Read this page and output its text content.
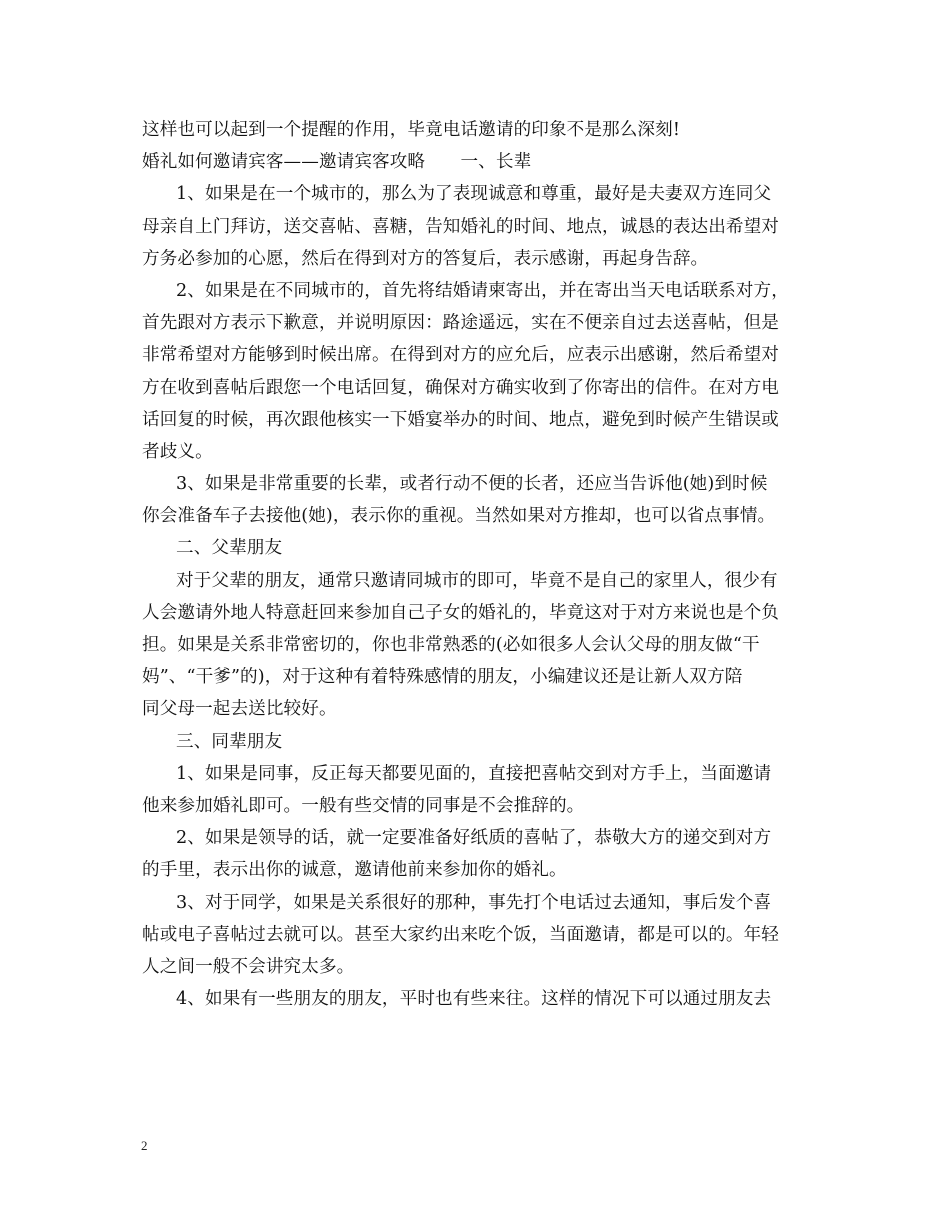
这样也可以起到一个提醒的作用，毕竟电话邀请的印象不是那么深刻!
婚礼如何邀请宾客——邀请宾客攻略　　一、长辈
1、如果是在一个城市的，那么为了表现诚意和尊重，最好是夫妻双方连同父
母亲自上门拜访，送交喜帖、喜糖，告知婚礼的时间、地点，诚恳的表达出希望对
方务必参加的心愿，然后在得到对方的答复后，表示感谢，再起身告辞。
2、如果是在不同城市的，首先将结婚请柬寄出，并在寄出当天电话联系对方，
首先跟对方表示下歉意，并说明原因：路途遥远，实在不便亲自过去送喜帖，但是
非常希望对方能够到时候出席。在得到对方的应允后，应表示出感谢，然后希望对
方在收到喜帖后跟您一个电话回复，确保对方确实收到了你寄出的信件。在对方电
话回复的时候，再次跟他核实一下婚宴举办的时间、地点，避免到时候产生错误或
者歧义。
3、如果是非常重要的长辈，或者行动不便的长者，还应当告诉他(她)到时候
你会准备车子去接他(她)，表示你的重视。当然如果对方推却，也可以省点事情。
二、父辈朋友
对于父辈的朋友，通常只邀请同城市的即可，毕竟不是自己的家里人，很少有
人会邀请外地人特意赶回来参加自己子女的婚礼的，毕竟这对于对方来说也是个负
担。如果是关系非常密切的，你也非常熟悉的(必如很多人会认父母的朋友做“干
妈”、“干爹”的)，对于这种有着特殊感情的朋友，小编建议还是让新人双方陪
同父母一起去送比较好。
三、同辈朋友
1、如果是同事，反正每天都要见面的，直接把喜帖交到对方手上，当面邀请
他来参加婚礼即可。一般有些交情的同事是不会推辞的。
2、如果是领导的话，就一定要准备好纸质的喜帖了，恭敬大方的递交到对方
的手里，表示出你的诚意，邀请他前来参加你的婚礼。
3、对于同学，如果是关系很好的那种，事先打个电话过去通知，事后发个喜
帖或电子喜帖过去就可以。甚至大家约出来吃个饭，当面邀请，都是可以的。年轻
人之间一般不会讲究太多。
4、如果有一些朋友的朋友，平时也有些来往。这样的情况下可以通过朋友去
2
